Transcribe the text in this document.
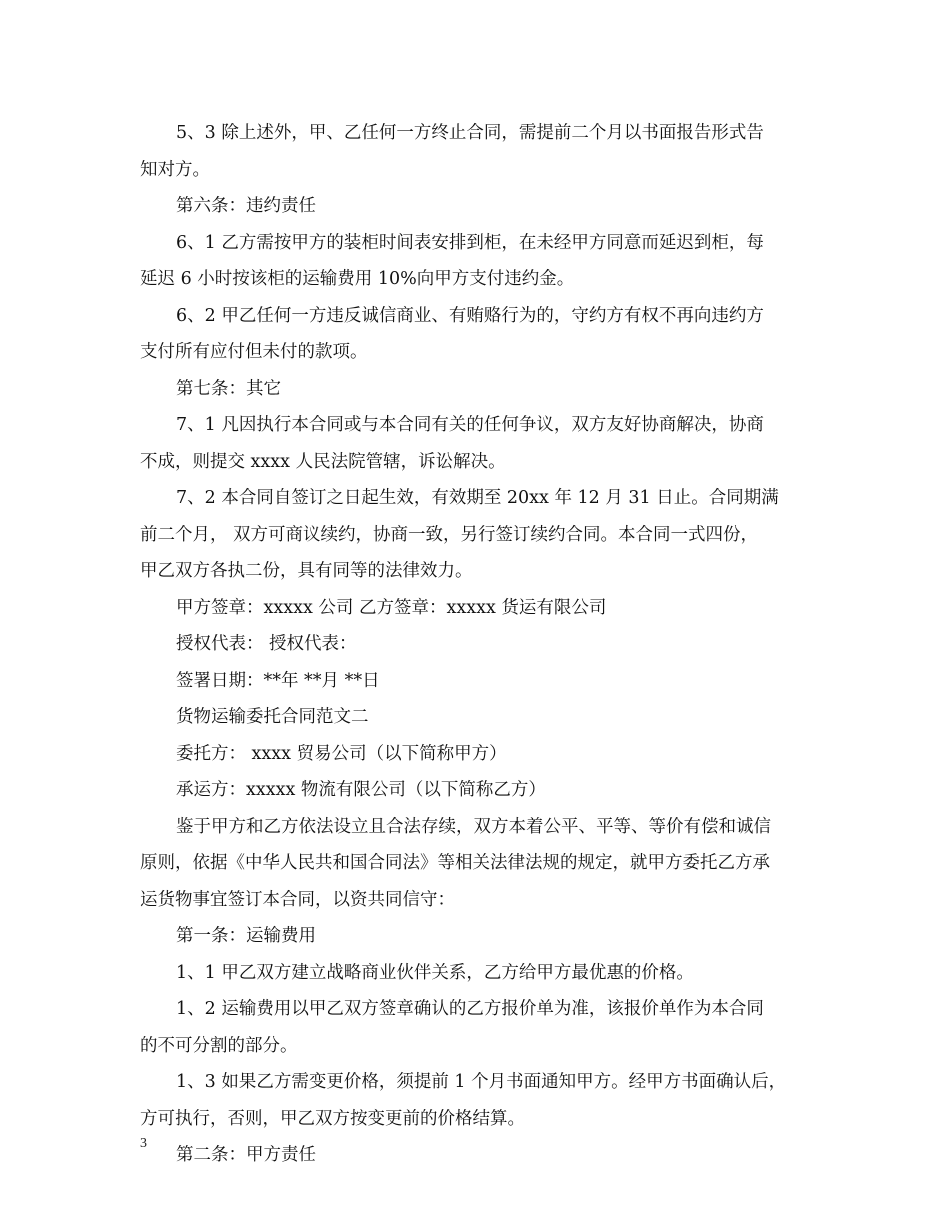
5、3 除上述外，甲、乙任何一方终止合同，需提前二个月以书面报告形式告
知对方。
第六条：违约责任
6、1 乙方需按甲方的装柜时间表安排到柜，在未经甲方同意而延迟到柜，每
延迟 6 小时按该柜的运输费用 10%向甲方支付违约金。
6、2 甲乙任何一方违反诚信商业、有贿赂行为的，守约方有权不再向违约方
支付所有应付但未付的款项。
第七条：其它
7、1 凡因执行本合同或与本合同有关的任何争议，双方友好协商解决，协商
不成，则提交 xxxx 人民法院管辖，诉讼解决。
7、2 本合同自签订之日起生效，有效期至 20xx 年 12 月 31 日止。合同期满
前二个月， 双方可商议续约，协商一致，另行签订续约合同。本合同一式四份，
甲乙双方各执二份，具有同等的法律效力。
甲方签章：xxxxx 公司 乙方签章：xxxxx 货运有限公司
授权代表： 授权代表：
签署日期：**年 **月 **日
货物运输委托合同范文二
委托方： xxxx 贸易公司（以下简称甲方）
承运方：xxxxx 物流有限公司（以下简称乙方）
鉴于甲方和乙方依法设立且合法存续，双方本着公平、平等、等价有偿和诚信
原则，依据《中华人民共和国合同法》等相关法律法规的规定，就甲方委托乙方承
运货物事宜签订本合同，以资共同信守：
第一条：运输费用
1、1 甲乙双方建立战略商业伙伴关系，乙方给甲方最优惠的价格。
1、2 运输费用以甲乙双方签章确认的乙方报价单为准，该报价单作为本合同
的不可分割的部分。
1、3 如果乙方需变更价格，须提前 1 个月书面通知甲方。经甲方书面确认后，
方可执行，否则，甲乙双方按变更前的价格结算。
第二条：甲方责任
3
